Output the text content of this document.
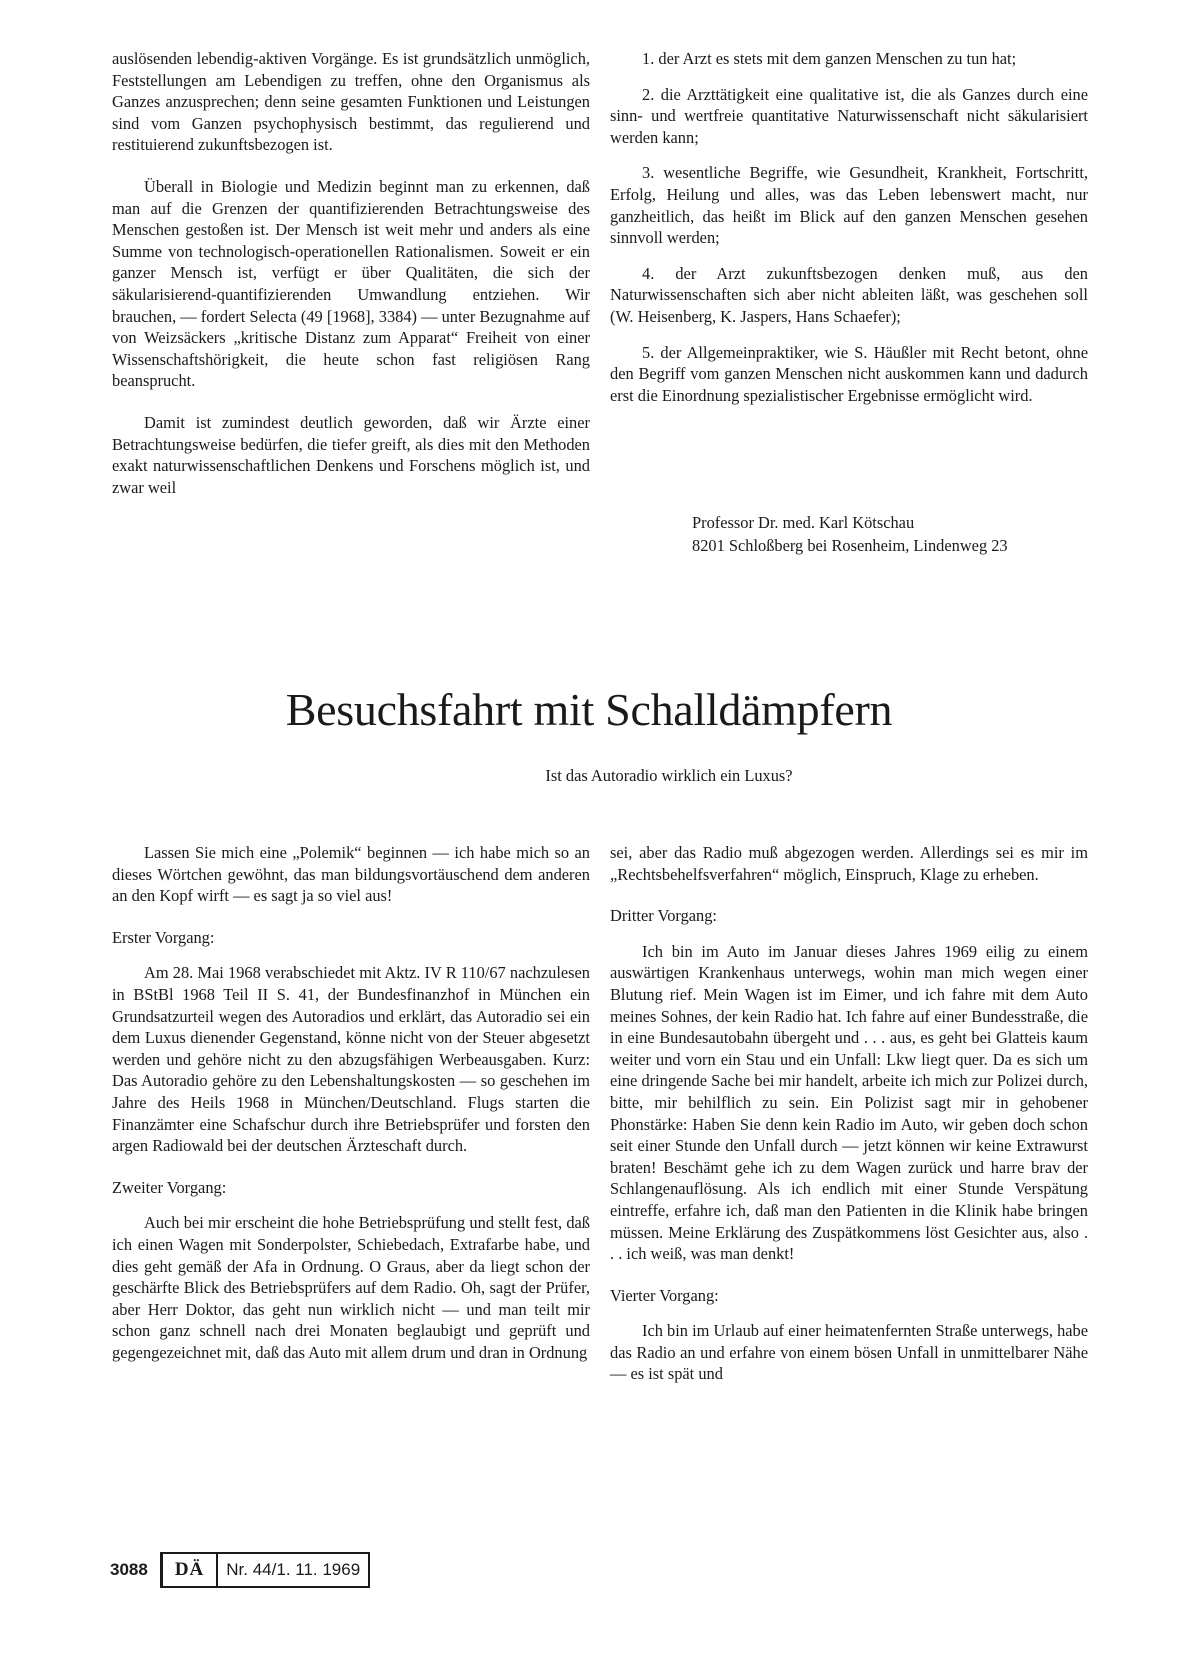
auslösenden lebendig-aktiven Vorgänge. Es ist grundsätzlich unmöglich, Feststellungen am Lebendigen zu treffen, ohne den Organismus als Ganzes anzusprechen; denn seine gesamten Funktionen und Leistungen sind vom Ganzen psychophysisch bestimmt, das regulierend und restituierend zukunftsbezogen ist.

Überall in Biologie und Medizin beginnt man zu erkennen, daß man auf die Grenzen der quantifizierenden Betrachtungsweise des Menschen gestoßen ist. Der Mensch ist weit mehr und anders als eine Summe von technologisch-operationellen Rationalismen. Soweit er ein ganzer Mensch ist, verfügt er über Qualitäten, die sich der säkularisierend-quantifizierenden Umwandlung entziehen. Wir brauchen, — fordert Selecta (49 [1968], 3384) — unter Bezugnahme auf von Weizsäckers „kritische Distanz zum Apparat“ Freiheit von einer Wissenschaftshörigkeit, die heute schon fast religiösen Rang beansprucht.

Damit ist zumindest deutlich geworden, daß wir Ärzte einer Betrachtungsweise bedürfen, die tiefer greift, als dies mit den Methoden exakt naturwissenschaftlichen Denkens und Forschens möglich ist, und zwar weil

1. der Arzt es stets mit dem ganzen Menschen zu tun hat;

2. die Arzttätigkeit eine qualitative ist, die als Ganzes durch eine sinn- und wertfreie quantitative Naturwissenschaft nicht säkularisiert werden kann;

3. wesentliche Begriffe, wie Gesundheit, Krankheit, Fortschritt, Erfolg, Heilung und alles, was das Leben lebenswert macht, nur ganzheitlich, das heißt im Blick auf den ganzen Menschen gesehen sinnvoll werden;

4. der Arzt zukunftsbezogen denken muß, aus den Naturwissenschaften sich aber nicht ableiten läßt, was geschehen soll (W. Heisenberg, K. Jaspers, Hans Schaefer);

5. der Allgemeinpraktiker, wie S. Häußler mit Recht betont, ohne den Begriff vom ganzen Menschen nicht auskommen kann und dadurch erst die Einordnung spezialistischer Ergebnisse ermöglicht wird.

Professor Dr. med. Karl Kötschau
8201 Schloßberg bei Rosenheim, Lindenweg 23
Besuchsfahrt mit Schalldämpfern
Ist das Autoradio wirklich ein Luxus?

Lassen Sie mich eine „Polemik“ beginnen — ich habe mich so an dieses Wörtchen gewöhnt, das man bildungsvortäuschend dem anderen an den Kopf wirft — es sagt ja so viel aus!

Erster Vorgang:

Am 28. Mai 1968 verabschiedet mit Aktz. IV R 110/67 nachzulesen in BStBl 1968 Teil II S. 41, der Bundesfinanzhof in München ein Grundsatzurteil wegen des Autoradios und erklärt, das Autoradio sei ein dem Luxus dienender Gegenstand, könne nicht von der Steuer abgesetzt werden und gehöre nicht zu den abzugsfähigen Werbeausgaben. Kurz: Das Autoradio gehöre zu den Lebenshaltungskosten — so geschehen im Jahre des Heils 1968 in München/Deutschland. Flugs starten die Finanzämter eine Schafschur durch ihre Betriebsprüfer und forsten den argen Radiowald bei der deutschen Ärzteschaft durch.

Zweiter Vorgang:

Auch bei mir erscheint die hohe Betriebsprüfung und stellt fest, daß ich einen Wagen mit Sonderpolster, Schiebedach, Extrafarbe habe, und dies geht gemäß der Afa in Ordnung. O Graus, aber da liegt schon der geschärfte Blick des Betriebsprüfers auf dem Radio. Oh, sagt der Prüfer, aber Herr Doktor, das geht nun wirklich nicht — und man teilt mir schon ganz schnell nach drei Monaten beglaubigt und geprüft und gegengezeichnet mit, daß das Auto mit allem drum und dran in Ordnung

sei, aber das Radio muß abgezogen werden. Allerdings sei es mir im „Rechtsbehelfsverfahren“ möglich, Einspruch, Klage zu erheben.

Dritter Vorgang:

Ich bin im Auto im Januar dieses Jahres 1969 eilig zu einem auswärtigen Krankenhaus unterwegs, wohin man mich wegen einer Blutung rief. Mein Wagen ist im Eimer, und ich fahre mit dem Auto meines Sohnes, der kein Radio hat. Ich fahre auf einer Bundesstraße, die in eine Bundesautobahn übergeht und . . . aus, es geht bei Glatteis kaum weiter und vorn ein Stau und ein Unfall: Lkw liegt quer. Da es sich um eine dringende Sache bei mir handelt, arbeite ich mich zur Polizei durch, bitte, mir behilflich zu sein. Ein Polizist sagt mir in gehobener Phonstärke: Haben Sie denn kein Radio im Auto, wir geben doch schon seit einer Stunde den Unfall durch — jetzt können wir keine Extrawurst braten! Beschämt gehe ich zu dem Wagen zurück und harre brav der Schlangenauflösung. Als ich endlich mit einer Stunde Verspätung eintreffe, erfahre ich, daß man den Patienten in die Klinik habe bringen müssen. Meine Erklärung des Zuspätkommens löst Gesichter aus, also . . . ich weiß, was man denkt!

Vierter Vorgang:

Ich bin im Urlaub auf einer heimatenfernten Straße unterwegs, habe das Radio an und erfahre von einem bösen Unfall in unmittelbarer Nähe — es ist spät und

3088	DÄ	Nr. 44/1. 11. 1969
